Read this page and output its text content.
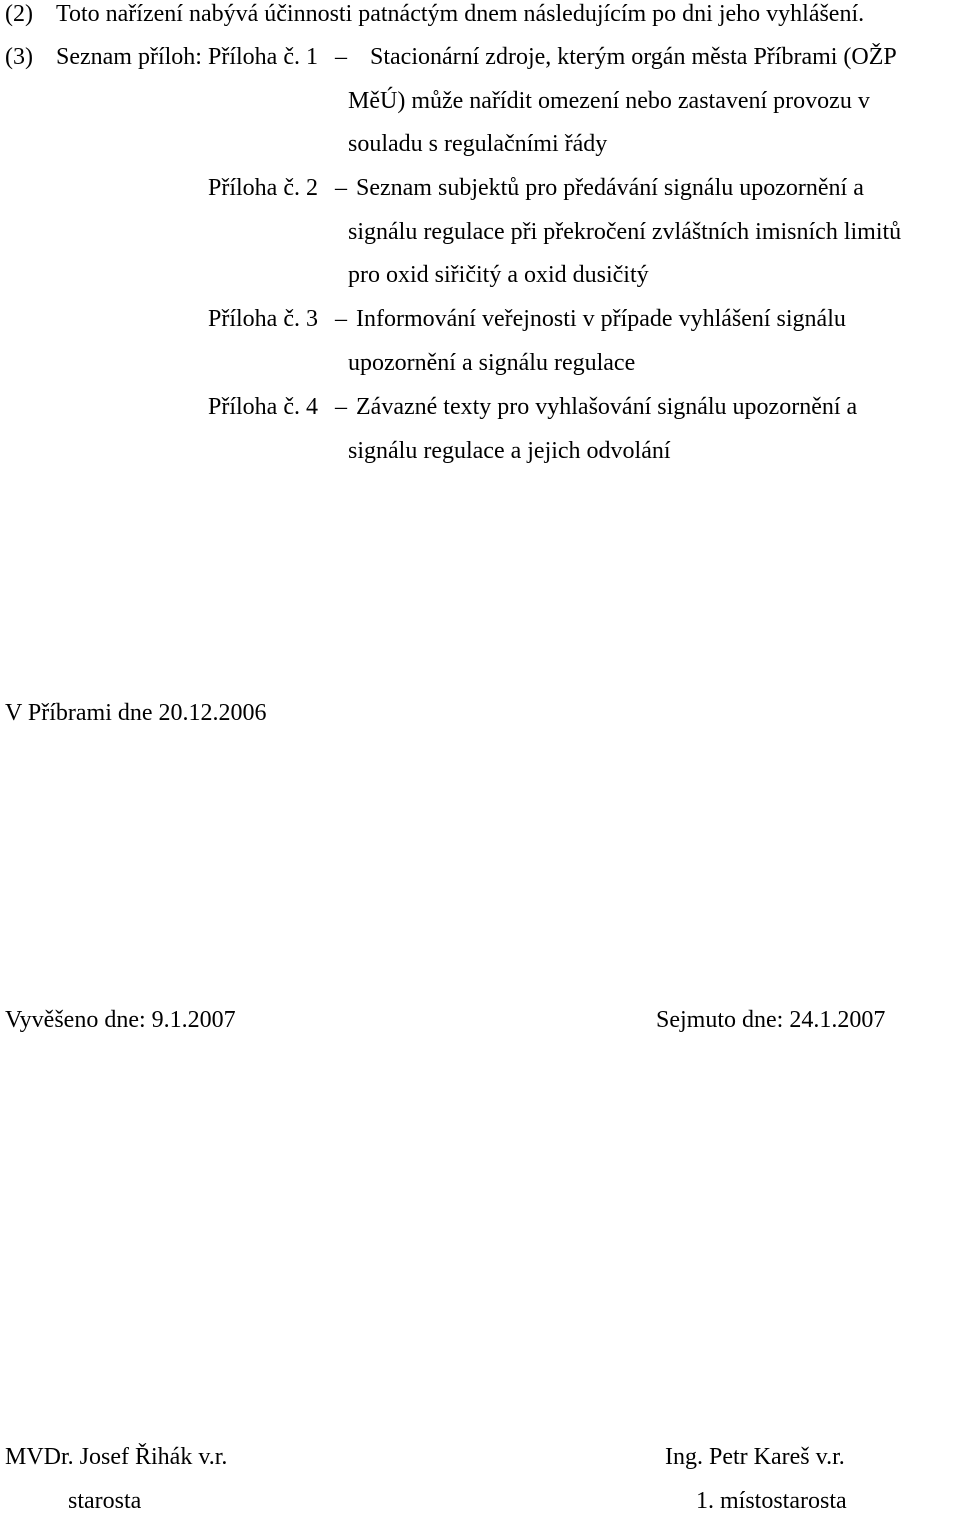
(2) Toto nařízení nabývá účinnosti patnáctým dnem následujícím po dni jeho vyhlášení.
(3) Seznam příloh: Příloha č. 1 – Stacionární zdroje, kterým orgán města Příbrami (OŽP
MěÚ) může nařídit omezení nebo zastavení provozu v
souladu s regulačními řády
Příloha č. 2 – Seznam subjektů pro předávání signálu upozornění a
signálu regulace při překročení zvláštních imisních limitů
pro oxid siřičitý a oxid dusičitý
Příloha č. 3 – Informování veřejnosti v případe vyhlášení signálu
upozornění a signálu regulace
Příloha č. 4 – Závazné texty pro vyhlašování signálu upozornění a
signálu regulace a jejich odvolání
V Příbrami dne 20.12.2006
Vyvěšeno dne: 9.1.2007	Sejmuto dne: 24.1.2007
MVDr. Josef Řihák v.r.
starosta
Ing. Petr Kareš v.r.
1. místostarosta
